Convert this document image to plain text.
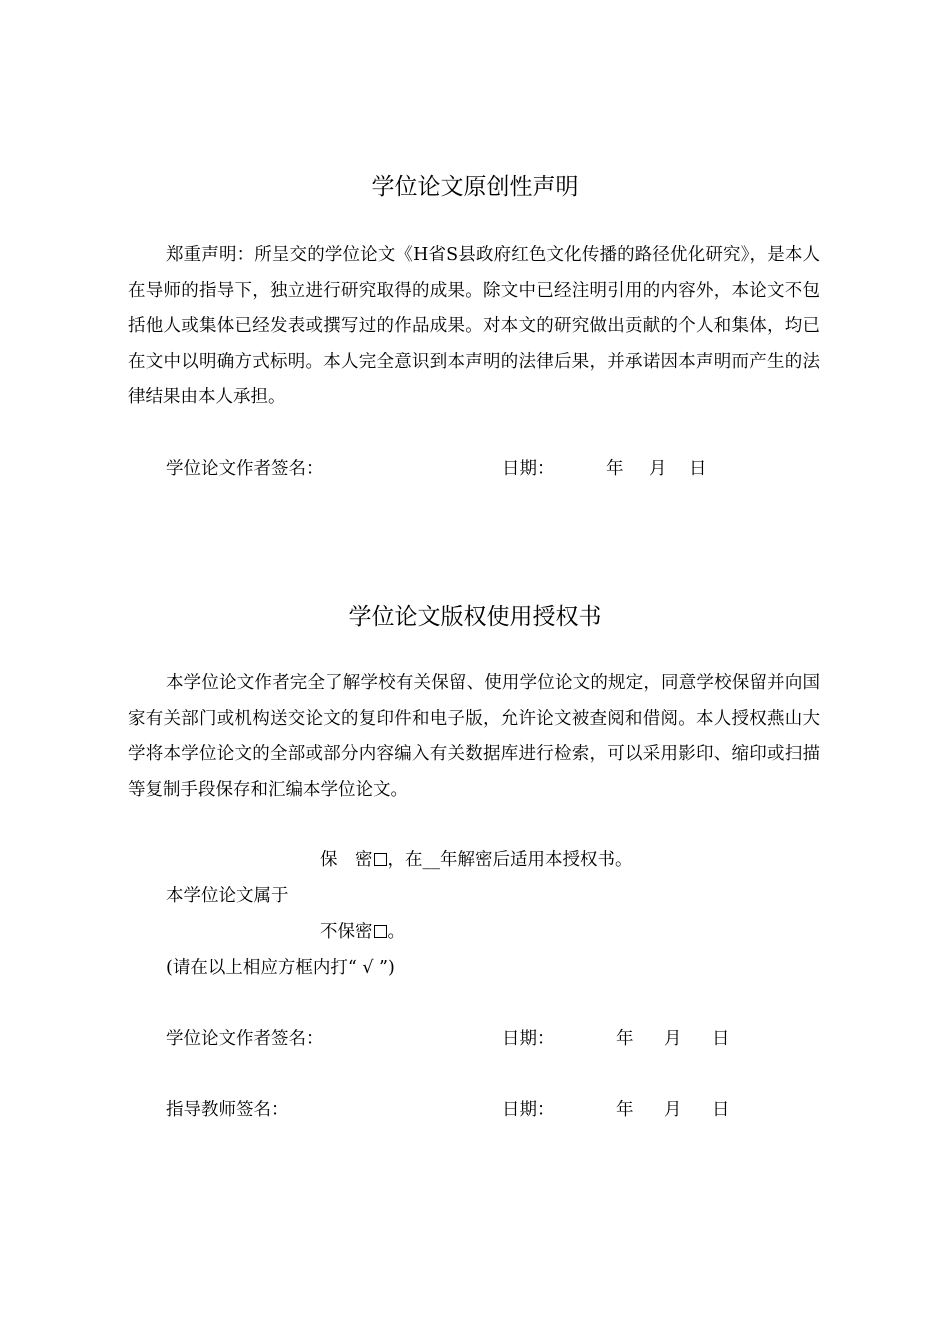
学位论文原创性声明

郑重声明：所呈交的学位论文《H省S县政府红色文化传播的路径优化研究》，是本人在导师的指导下，独立进行研究取得的成果。除文中已经注明引用的内容外，本论文不包括他人或集体已经发表或撰写过的作品成果。对本文的研究做出贡献的个人和集体，均已在文中以明确方式标明。本人完全意识到本声明的法律后果，并承诺因本声明而产生的法律结果由本人承担。

学位论文作者签名：	日期：	年 月 日
学位论文版权使用授权书

本学位论文作者完全了解学校有关保留、使用学位论文的规定，同意学校保留并向国家有关部门或机构送交论文的复印件和电子版，允许论文被查阅和借阅。本人授权燕山大学将本学位论文的全部或部分内容编入有关数据库进行检索，可以采用影印、缩印或扫描等复制手段保存和汇编本学位论文。

保　密 ，在__年解密后适用本授权书。
本学位论文属于
不保密 。
(请在以上相应方框内打“ √ ”)
学位论文作者签名：	日期：	年 月 日
指导教师签名：	日期：	年 月 日
